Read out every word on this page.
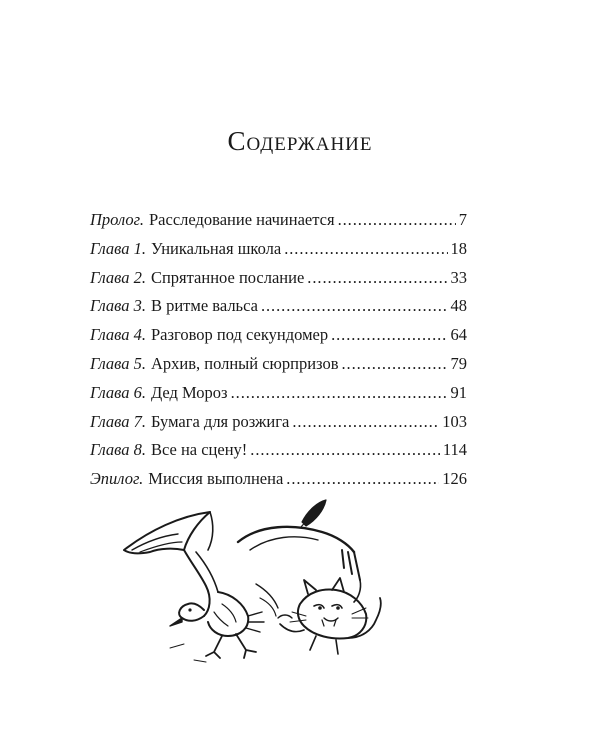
Содержание
Пролог. Расследование начинается . . .	7
Глава 1. Уникальная школа . . .	18
Глава 2. Спрятанное послание . . .	33
Глава 3. В ритме вальса . . .	48
Глава 4. Разговор под секундомер . . .	64
Глава 5. Архив, полный сюрпризов . . .	79
Глава 6. Дед Мороз . . .	91
Глава 7. Бумага для розжига . . .	103
Глава 8. Все на сцену! . . .	114
Эпилог. Миссия выполнена . . .	126
